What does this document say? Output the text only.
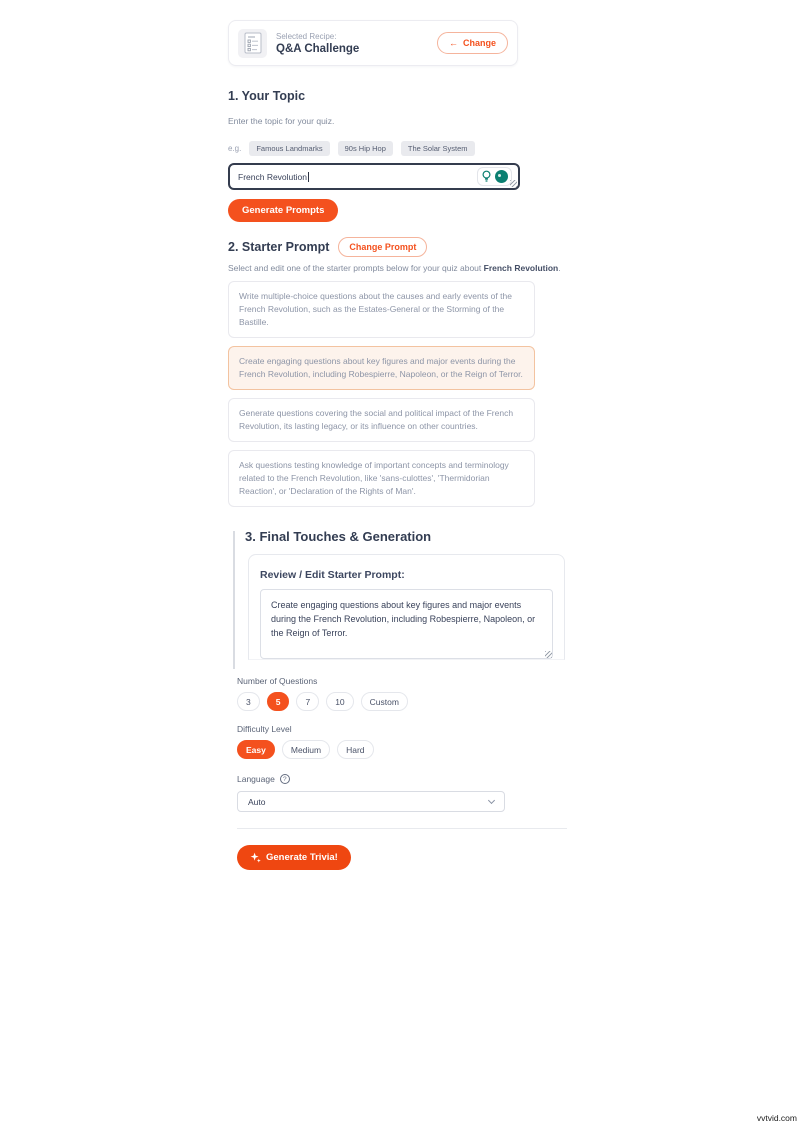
Selected Recipe:
Q&A Challenge	← Change
1. Your Topic
Enter the topic for your quiz.
e.g.	Famous Landmarks	90s Hip Hop	The Solar System
French Revolution
Generate Prompts
2. Starter Prompt	Change Prompt
Select and edit one of the starter prompts below for your quiz about French Revolution.
Write multiple-choice questions about the causes and early events of the French Revolution, such as the Estates-General or the Storming of the Bastille.
Create engaging questions about key figures and major events during the French Revolution, including Robespierre, Napoleon, or the Reign of Terror.
Generate questions covering the social and political impact of the French Revolution, its lasting legacy, or its influence on other countries.
Ask questions testing knowledge of important concepts and terminology related to the French Revolution, like 'sans-culottes', 'Thermidorian Reaction', or 'Declaration of the Rights of Man'.
3. Final Touches & Generation
Review / Edit Starter Prompt:
Create engaging questions about key figures and major events during the French Revolution, including Robespierre, Napoleon, or the Reign of Terror.
Number of Questions
3	5	7	10	Custom
Difficulty Level
Easy	Medium	Hard
Language	?
Auto
Generate Trivia!
vvtvid.com
